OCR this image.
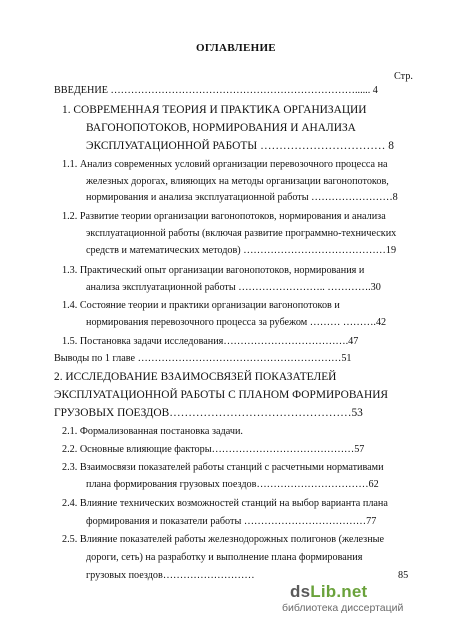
ОГЛАВЛЕНИЕ
Стр.
ВВЕДЕНИЕ ………………………………………………………………...... 4
1. СОВРЕМЕННАЯ ТЕОРИЯ И ПРАКТИКА ОРГАНИЗАЦИИ
ВАГОНОПОТОКОВ, НОРМИРОВАНИЯ И АНАЛИЗА
ЭКСПЛУАТАЦИОННОЙ РАБОТЫ …………………………… 8
1.1. Анализ современных условий организации перевозочного процесса на
железных дорогах, влияющих на методы организации вагонопотоков,
нормирования и анализа эксплуатационной работы ……………………8
1.2. Развитие теории организации вагонопотоков, нормирования и анализа
эксплуатационной работы (включая развитие программно-технических
средств и математических методов) ……………………………………19
1.3. Практический опыт организации вагонопотоков, нормирования и
анализа эксплуатационной работы …………………….. ………….30
1.4. Состояние теории и практики организации вагонопотоков и
нормирования перевозочного процесса за рубежом ……… ……….42
1.5. Постановка задачи исследования……………………………….47
Выводы по 1 главе ……………………………………………………51
2. ИССЛЕДОВАНИЕ ВЗАИМОСВЯЗЕЙ ПОКАЗАТЕЛЕЙ
ЭКСПЛУАТАЦИОННОЙ РАБОТЫ С ПЛАНОМ ФОРМИРОВАНИЯ
ГРУЗОВЫХ ПОЕЗДОВ…………………………………………53
2.1. Формализованная постановка задачи.
2.2. Основные влияющие факторы……………………………………57
2.3. Взаимосвязи показателей работы станций с расчетными нормативами
плана формирования грузовых поездов……………………………62
2.4. Влияние технических возможностей станций на выбор варианта плана
формирования и показатели работы ………………………………77
2.5. Влияние показателей работы железнодорожных полигонов (железные
дороги, сеть) на разработку и выполнение плана формирования
грузовых поездов………………………	85
dsLib.net
библиотека диссертаций
